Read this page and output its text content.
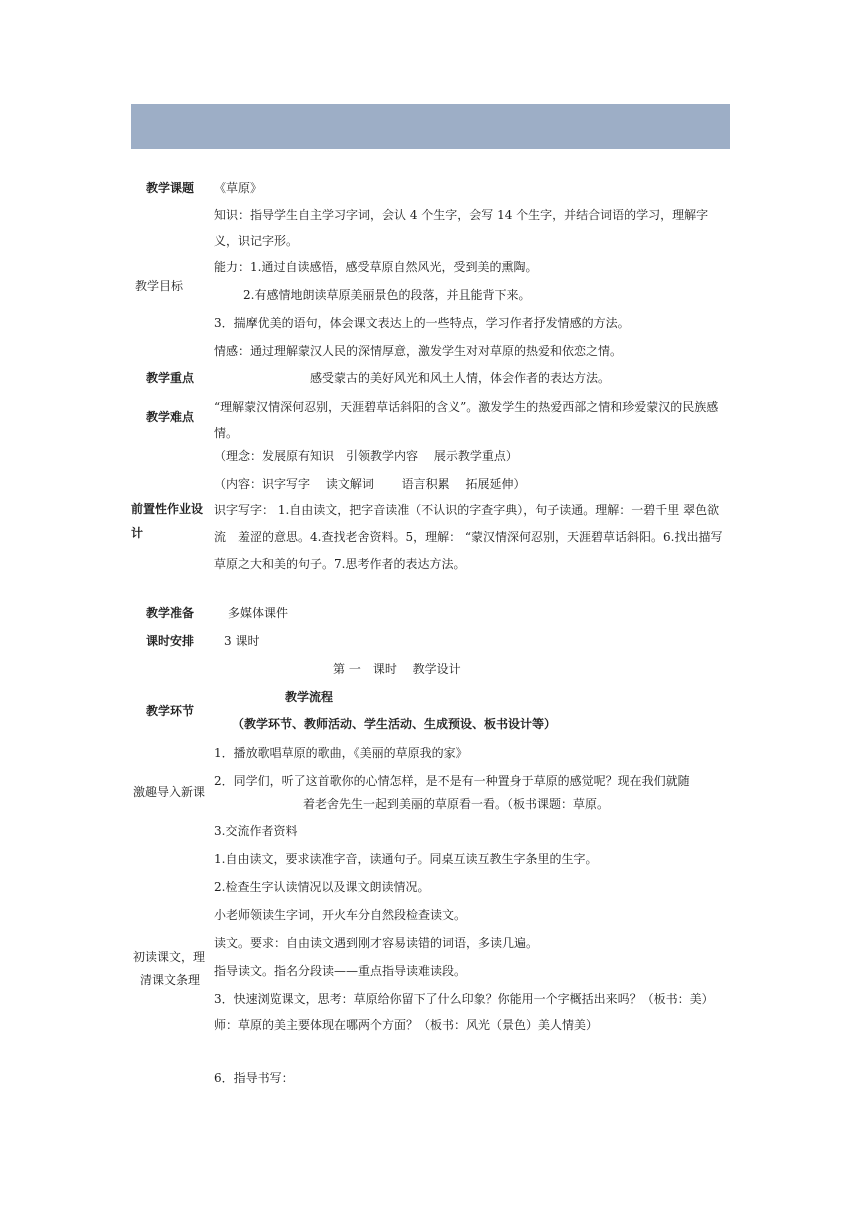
教学课题 《草原》
知识：指导学生自主学习字词，会认 4 个生字，会写 14 个生字，并结合词语的学习，理解字义，识记字形。
能力：1.通过自读感悟，感受草原自然风光，受到美的熏陶。
教学目标
2.有感情地朗读草原美丽景色的段落，并且能背下来。
3．揣摩优美的语句，体会课文表达上的一些特点，学习作者抒发情感的方法。
情感：通过理解蒙汉人民的深情厚意，激发学生对对草原的热爱和依恋之情。
教学重点	感受蒙古的美好风光和风土人情，体会作者的表达方法。
“理解蒙汉情深何忍别，天涯碧草话斜阳的含义”。激发学生的热爱西部之情和珍爱蒙汉的民族感情。
教学难点
（理念：发展原有知识　引领教学内容　 展示教学重点）
（内容：识字写字　 读文解词　　 语言积累　 拓展延伸）
前置性作业设
计
识字写字： 1.自由读文，把字音读准（不认识的字查字典），句子读通。理解：一碧千里 翠色欲流　羞涩的意思。4.查找老舍资料。5，理解： “蒙汉情深何忍别，天涯碧草话斜阳。6.找出描写草原之大和美的句子。7.思考作者的表达方法。
教学准备	多媒体课件
课时安排 3 课时
第 一　课时　 教学设计
教学流程
教学环节
（教学环节、教师活动、学生活动、生成预设、板书设计等）
1．播放歌唱草原的歌曲，《美丽的草原我的家》
2．同学们，听了这首歌你的心情怎样，是不是有一种置身于草原的感觉呢？现在我们就随
激趣导入新课
着老舍先生一起到美丽的草原看一看。（板书课题：草原。
3.交流作者资料
1.自由读文，要求读准字音，读通句子。同桌互读互教生字条里的生字。
2.检查生字认读情况以及课文朗读情况。
小老师领读生字词，开火车分自然段检查读文。
读文。要求：自由读文遇到刚才容易读错的词语，多读几遍。
初读课文，理
指导读文。指名分段读——重点指导读难读段。
清课文条理
3．快速浏览课文，思考：草原给你留下了什么印象？你能用一个字概括出来吗？（板书：美）师：草原的美主要体现在哪两个方面？（板书：风光（景色）美人情美）
6．指导书写：
